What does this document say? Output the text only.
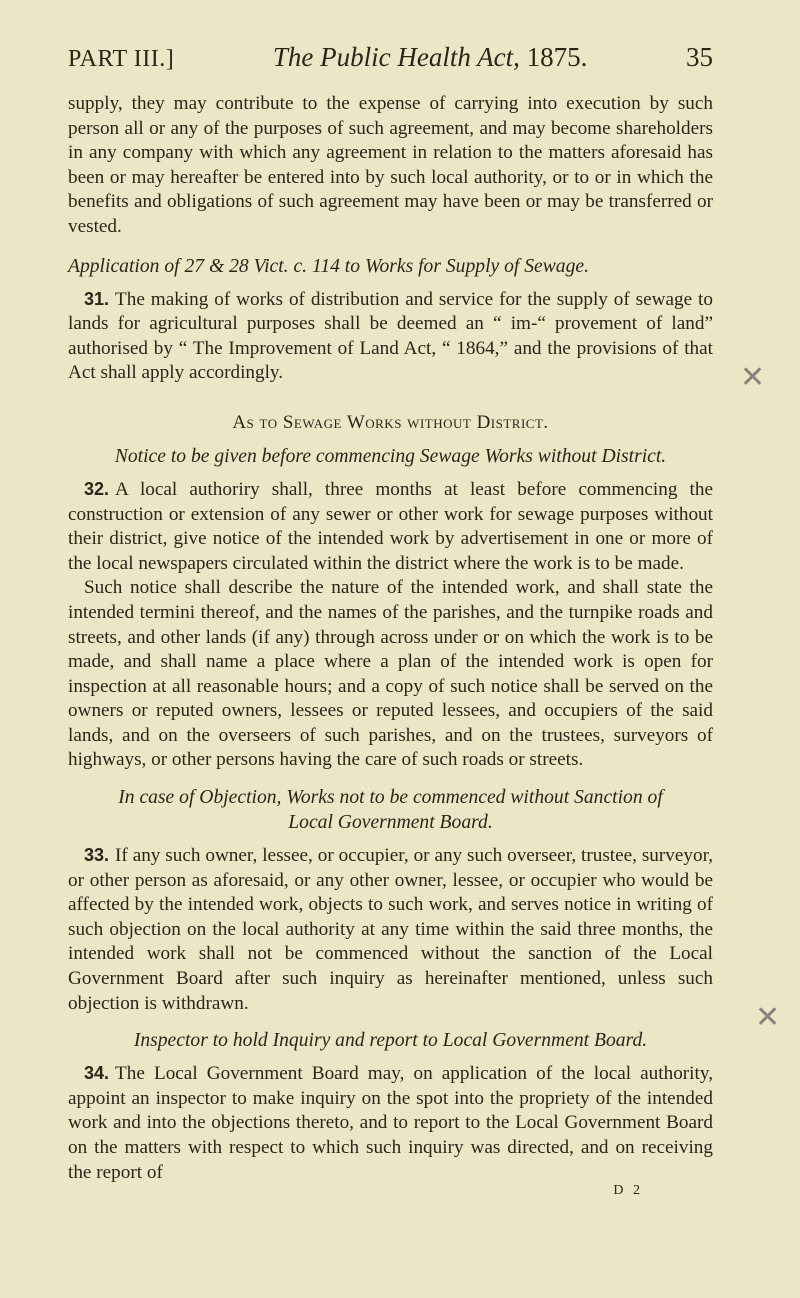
PART III.]	The Public Health Act, 1875.	35

supply, they may contribute to the expense of carrying into execution by such person all or any of the purposes of such agreement, and may become shareholders in any company with which any agreement in relation to the matters aforesaid has been or may hereafter be entered into by such local authority, or to or in which the benefits and obligations of such agreement may have been or may be transferred or vested.

Application of 27 & 28 Vict. c. 114 to Works for Supply of Sewage.

31. The making of works of distribution and service for the supply of sewage to lands for agricultural purposes shall be deemed an “ im-“ provement of land” authorised by “ The Improvement of Land Act, “ 1864,” and the provisions of that Act shall apply accordingly.

As to Sewage Works without District.
Notice to be given before commencing Sewage Works without District.

32. A local authoriry shall, three months at least before commencing the construction or extension of any sewer or other work for sewage purposes without their district, give notice of the intended work by advertisement in one or more of the local newspapers circulated within the district where the work is to be made.

Such notice shall describe the nature of the intended work, and shall state the intended termini thereof, and the names of the parishes, and the turnpike roads and streets, and other lands (if any) through across under or on which the work is to be made, and shall name a place where a plan of the intended work is open for inspection at all reasonable hours; and a copy of such notice shall be served on the owners or reputed owners, lessees or reputed lessees, and occupiers of the said lands, and on the overseers of such parishes, and on the trustees, surveyors of highways, or other persons having the care of such roads or streets.

In case of Objection, Works not to be commenced without Sanction of Local Government Board.

33. If any such owner, lessee, or occupier, or any such overseer, trustee, surveyor, or other person as aforesaid, or any other owner, lessee, or occupier who would be affected by the intended work, objects to such work, and serves notice in writing of such objection on the local authority at any time within the said three months, the intended work shall not be commenced without the sanction of the Local Government Board after such inquiry as hereinafter mentioned, unless such objection is withdrawn.

Inspector to hold Inquiry and report to Local Government Board.

34. The Local Government Board may, on application of the local authority, appoint an inspector to make inquiry on the spot into the propriety of the intended work and into the objections thereto, and to report to the Local Government Board on the matters with respect to which such inquiry was directed, and on receiving the report of

D 2
✕
✕
